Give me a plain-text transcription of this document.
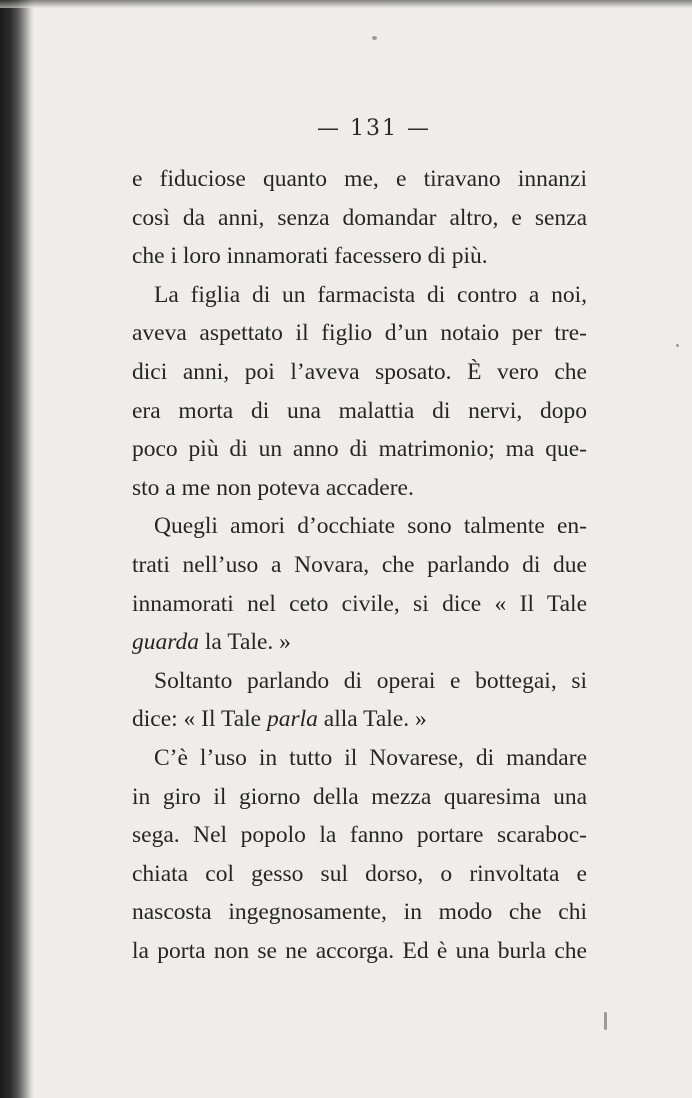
— 131 —
e fiduciose quanto me, e tiravano innanzi
così da anni, senza domandar altro, e senza
che i loro innamorati facessero di più.
La figlia di un farmacista di contro a noi,
aveva aspettato il figlio d’un notaio per tre-
dici anni, poi l’aveva sposato. È vero che
era morta di una malattia di nervi, dopo
poco più di un anno di matrimonio; ma que-
sto a me non poteva accadere.
Quegli amori d’occhiate sono talmente en-
trati nell’uso a Novara, che parlando di due
innamorati nel ceto civile, si dice « Il Tale
guarda la Tale. »
Soltanto parlando di operai e bottegai, si
dice: « Il Tale parla alla Tale. »
C’è l’uso in tutto il Novarese, di mandare
in giro il giorno della mezza quaresima una
sega. Nel popolo la fanno portare scaraboc-
chiata col gesso sul dorso, o rinvoltata e
nascosta ingegnosamente, in modo che chi
la porta non se ne accorga. Ed è una burla che
